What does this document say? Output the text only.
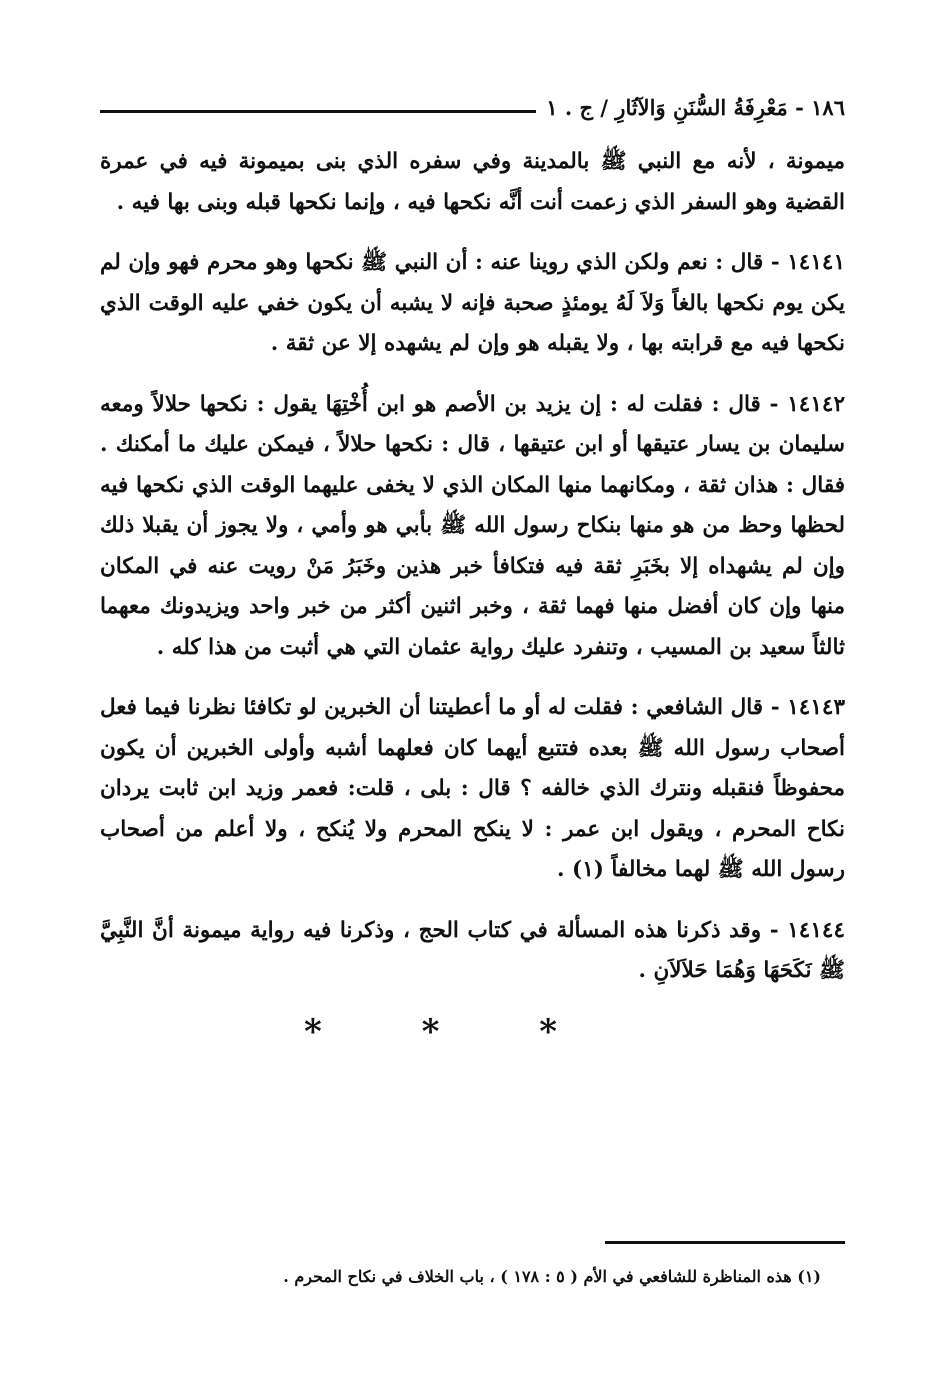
١٨٦ - مَعْرِفَةُ السُّنَنِ وَالآثَارِ / ج . ١

ميمونة ، لأنه مع النبي ﷺ بالمدينة وفي سفره الذي بنى بميمونة فيه في عمرة القضية وهو السفر الذي زعمت أنت أنَّه نكحها فيه ، وإنما نكحها قبله وبنى بها فيه .

١٤١٤١ - قال : نعم ولكن الذي روينا عنه : أن النبي ﷺ نكحها وهو محرم فهو وإن لم يكن يوم نكحها بالغاً وَلاَ لَهُ يومئذٍ صحبة فإنه لا يشبه أن يكون خفي عليه الوقت الذي نكحها فيه مع قرابته بها ، ولا يقبله هو وإن لم يشهده إلا عن ثقة .

١٤١٤٢ - قال : فقلت له : إن يزيد بن الأصم هو ابن أُخْتِهَا يقول : نكحها حلالاً ومعه سليمان بن يسار عتيقها أو ابن عتيقها ، قال : نكحها حلالاً ، فيمكن عليك ما أمكنك . فقال : هذان ثقة ، ومكانهما منها المكان الذي لا يخفى عليهما الوقت الذي نكحها فيه لحظها وحظ من هو منها بنكاح رسول الله ﷺ بأبي هو وأمي ، ولا يجوز أن يقبلا ذلك وإن لم يشهداه إلا بخَبَرِ ثقة فيه فتكافأ خبر هذين وخَبَرُ مَنْ رويت عنه في المكان منها وإن كان أفضل منها فهما ثقة ، وخبر اثنين أكثر من خبر واحد ويزيدونك معهما ثالثاً سعيد بن المسيب ، وتنفرد عليك رواية عثمان التي هي أثبت من هذا كله .

١٤١٤٣ - قال الشافعي : فقلت له أو ما أعطيتنا أن الخبرين لو تكافئا نظرنا فيما فعل أصحاب رسول الله ﷺ بعده فتتبع أيهما كان فعلهما أشبه وأولى الخبرين أن يكون محفوظاً فنقبله ونترك الذي خالفه ؟ قال : بلى ، قلت: فعمر وزيد ابن ثابت يردان نكاح المحرم ، ويقول ابن عمر : لا ينكح المحرم ولا يُنكح ، ولا أعلم من أصحاب رسول الله ﷺ لهما مخالفاً (١) .

١٤١٤٤ - وقد ذكرنا هذه المسألة في كتاب الحج ، وذكرنا فيه رواية ميمونة أنَّ النَّبِيَّ ﷺ نَكَحَهَا وَهُمَا حَلاَلاَنِ .

* * *
(١) هذه المناظرة للشافعي في الأم ( ٥ : ١٧٨ ) ، باب الخلاف في نكاح المحرم .
